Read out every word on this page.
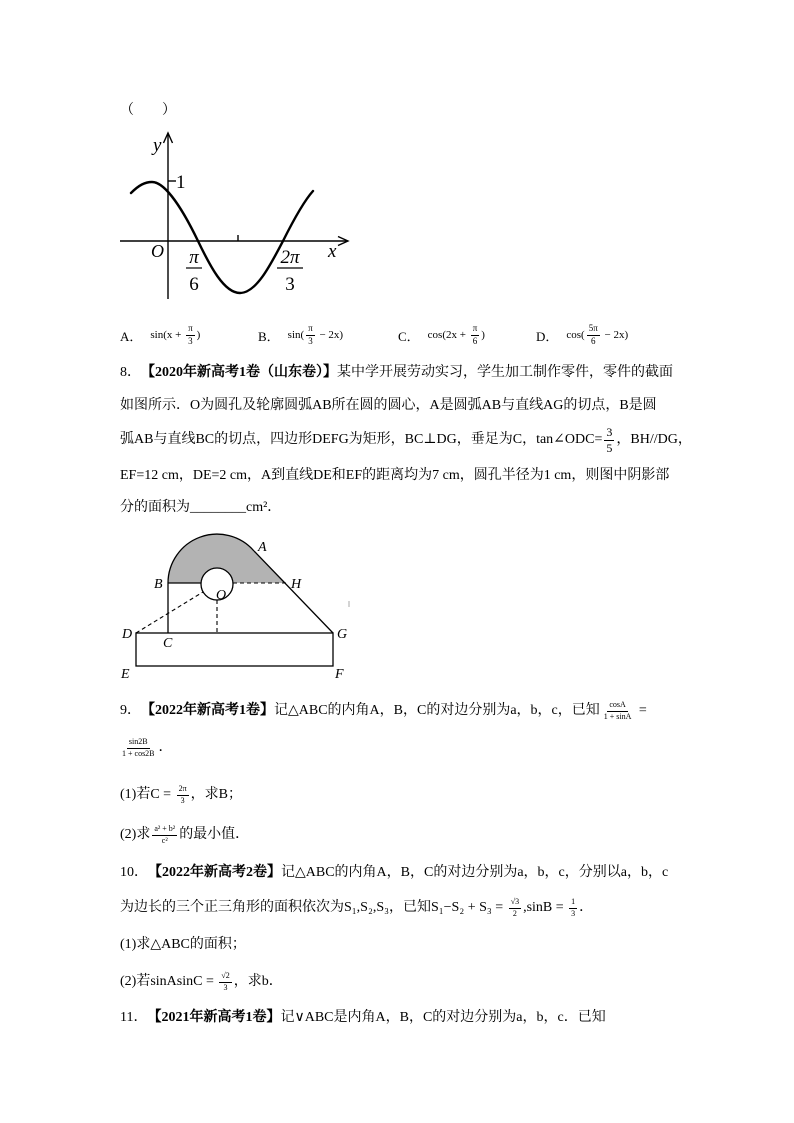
（　　）
y
x
O
1
π
6
2π
3
A． $\sin(x + \frac{\pi}{3}$ )	B． $\sin( \frac{\pi}{3} - 2x)$	C． $\cos(2x + \frac{\pi}{6}$ )	D． $\cos( \frac{5\pi}{6} - 2x)$
8． 【2020年新高考1卷（山东卷）】 某中学开展劳动实习，学生加工制作零件，零件的截面
如图所示．O为圆孔及轮廓圆弧AB所在圆的圆心，A是圆弧AB与直线AG的切点，B是圆
弧AB与直线BC的切点，四边形DEFG为矩形，BC⊥DG，垂足为C，tan∠ODC= $\frac{3}{5}$ ，BH//DG，
EF=12 cm，DE=2 cm，A到直线DE和EF的距离均为7 cm，圆孔半径为1 cm，则图中阴影部
分的面积为________cm²．
A
B	H
O
D
C
G
E	F
9． 【2022年新高考1卷】 记△ABC的内角A，B，C的对边分别为a，b，c，已知 $\frac{\cos A}{1 + \sin A}$ =
$\frac{\sin 2B}{1 + \cos 2B}$ ．
(1)若$C = \frac{2\pi}{3}$ ，求B；
(2)求 $\frac{\text{a² + b²}}{\text{c²}}$ 的最小值．
10． 【2022年新高考2卷】 记△ABC的内角A，B，C的对边分别为a，b，c，分别以a，b，c
为边长的三个正三角形的面积依次为S₁,S₂,S₃，已知$S_1-S_2 + S_3 = \frac{√3}{2} ,\sin B = \frac{1}{3}$ ．
(1)求△ABC的面积；
(2)若sinAsinC = $\frac{√2}{3}$ ，求b．
11． 【2021年新高考1卷】 记∨ABC是内角A，B，C的对边分别为a，b，c．已知
